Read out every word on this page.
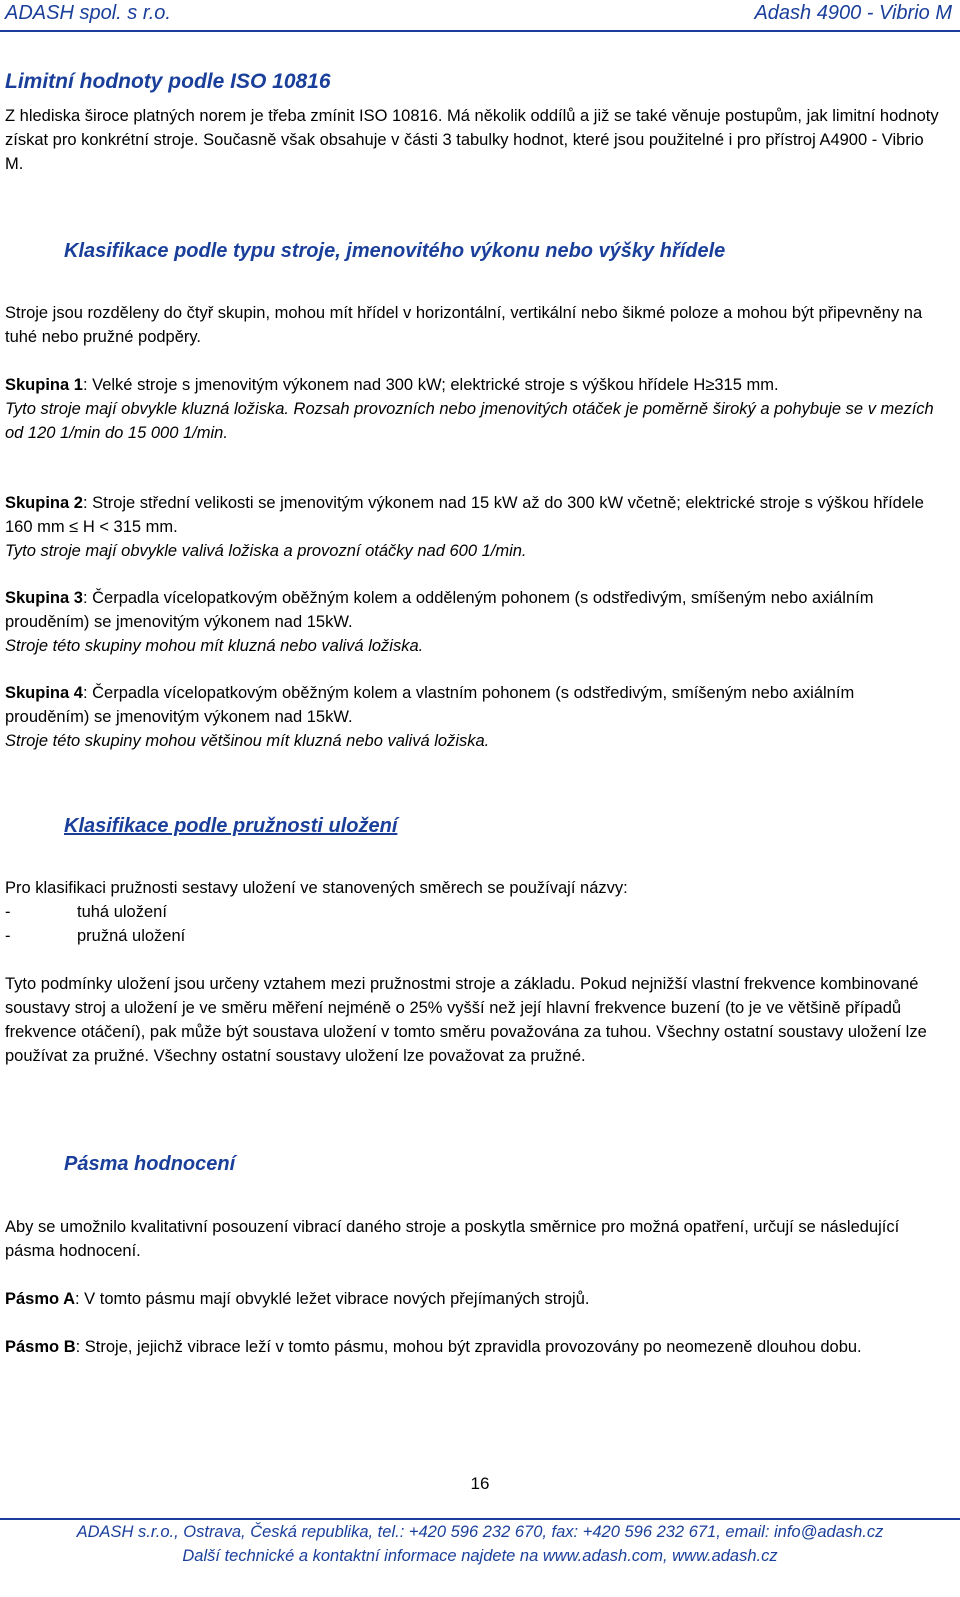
ADASH spol. s r.o.	Adash 4900 - Vibrio M
Limitní hodnoty podle ISO 10816

Z hlediska široce platných norem je třeba zmínit ISO 10816. Má několik oddílů a již se také věnuje postupům, jak limitní hodnoty získat pro konkrétní stroje. Současně však obsahuje v části 3 tabulky hodnot, které jsou použitelné i pro přístroj A4900 - Vibrio M.

Klasifikace podle typu stroje, jmenovitého výkonu nebo výšky hřídele

Stroje jsou rozděleny do čtyř skupin, mohou mít hřídel v horizontální, vertikální nebo šikmé poloze a mohou být připevněny na tuhé nebo pružné podpěry.

Skupina 1: Velké stroje s jmenovitým výkonem nad 300 kW; elektrické stroje s výškou hřídele H≥315 mm.

Tyto stroje mají obvykle kluzná ložiska. Rozsah provozních nebo jmenovitých otáček je poměrně široký a pohybuje se v mezích od 120 1/min do 15 000 1/min.

Skupina 2: Stroje střední velikosti se jmenovitým výkonem nad 15 kW až do 300 kW včetně; elektrické stroje s výškou hřídele 160 mm ≤ H < 315 mm.

Tyto stroje mají obvykle valivá ložiska a provozní otáčky nad 600 1/min.

Skupina 3: Čerpadla vícelopatkovým oběžným kolem a odděleným pohonem (s odstředivým, smíšeným nebo axiálním prouděním) se jmenovitým výkonem nad 15kW.

Stroje této skupiny mohou mít kluzná nebo valivá ložiska.

Skupina 4: Čerpadla vícelopatkovým oběžným kolem a vlastním pohonem (s odstředivým, smíšeným nebo axiálním prouděním) se jmenovitým výkonem nad 15kW.

Stroje této skupiny mohou většinou mít kluzná nebo valivá ložiska.

Klasifikace podle pružnosti uložení

Pro klasifikaci pružnosti sestavy uložení ve stanovených směrech se používají názvy:

-	tuhá uložení
-	pružná uložení

Tyto podmínky uložení jsou určeny vztahem mezi pružnostmi stroje a základu. Pokud nejnižší vlastní frekvence kombinované soustavy stroj a uložení je ve směru měření nejméně o 25% vyšší než její hlavní frekvence buzení (to je ve většině případů frekvence otáčení), pak může být soustava uložení v tomto směru považována za tuhou. Všechny ostatní soustavy uložení lze používat za pružné. Všechny ostatní soustavy uložení lze považovat za pružné.

Pásma hodnocení

Aby se umožnilo kvalitativní posouzení vibrací daného stroje a poskytla směrnice pro možná opatření, určují se následující pásma hodnocení.

Pásmo A: V tomto pásmu mají obvyklé ležet vibrace nových přejímaných strojů.

Pásmo B: Stroje, jejichž vibrace leží v tomto pásmu, mohou být zpravidla provozovány po neomezeně dlouhou dobu.

16
ADASH s.r.o., Ostrava, Česká republika, tel.: +420 596 232 670, fax: +420 596 232 671, email: info@adash.cz
Další technické a kontaktní informace najdete na www.adash.com, www.adash.cz
